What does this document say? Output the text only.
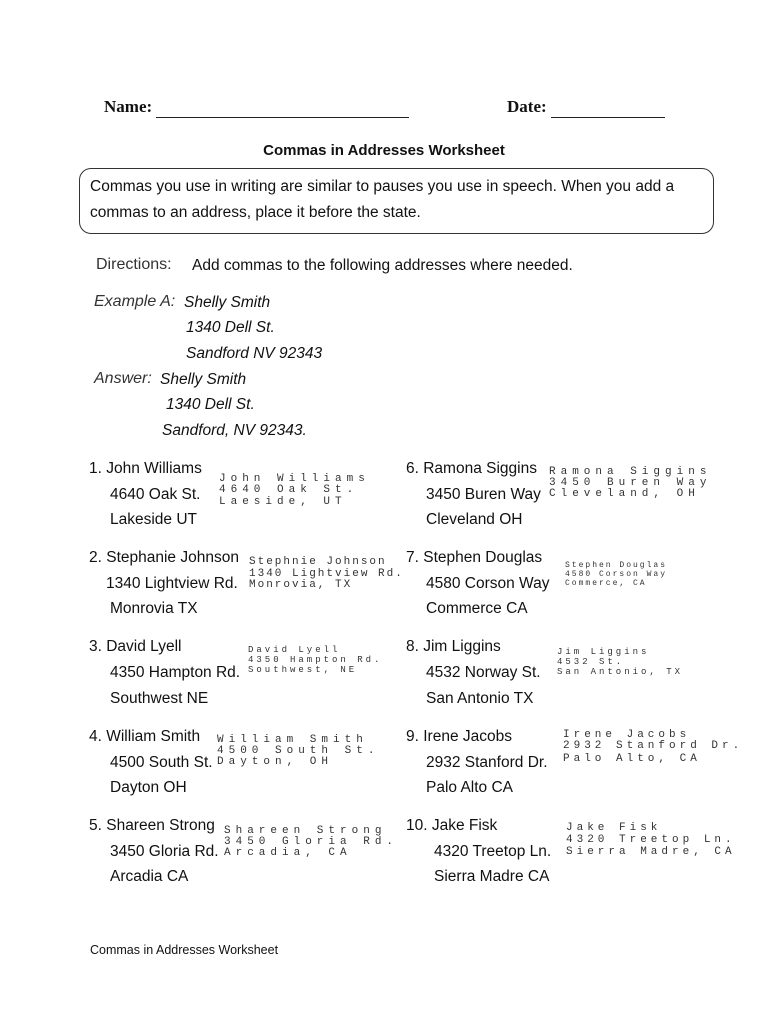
Name:	Date:
Commas in Addresses Worksheet
Commas you use in writing are similar to pauses you use in speech. When you add a
commas to an address, place it before the state.
Directions: Add commas to the following addresses where needed.
Example A: Shelly Smith
1340 Dell St.
Sandford NV 92343
Answer: Shelly Smith
1340 Dell St.
Sandford, NV 92343.
1. John Williams
4640 Oak St.
Lakeside UT
John Williams
4640 Oak St.
Laeside, UT
2. Stephanie Johnson
1340 Lightview Rd.
Monrovia TX
Stephnie Johnson
1340 Lightview Rd.
Monrovia, TX
3. David Lyell
4350 Hampton Rd.
Southwest NE
David Lyell
4350 Hampton Rd.
Southwest, NE
4. William Smith
4500 South St.
Dayton OH
William Smith
4500 South St.
Dayton, OH
5. Shareen Strong
3450 Gloria Rd.
Arcadia CA
Shareen Strong
3450 Gloria Rd.
Arcadia, CA
6. Ramona Siggins
3450 Buren Way
Cleveland OH
Ramona Siggins
3450 Buren Way
Cleveland, OH
7. Stephen Douglas
4580 Corson Way
Commerce CA
Stephen Douglas
4580 Corson Way
Commerce, CA
8. Jim Liggins
4532 Norway St.
San Antonio TX
Jim Liggins
4532 St.
San Antonio, TX
9. Irene Jacobs
2932 Stanford Dr.
Palo Alto CA
Irene Jacobs
2932 Stanford Dr.
Palo Alto, CA
10. Jake Fisk
4320 Treetop Ln.
Sierra Madre CA
Jake Fisk
4320 Treetop Ln.
Sierra Madre, CA
Commas in Addresses Worksheet
